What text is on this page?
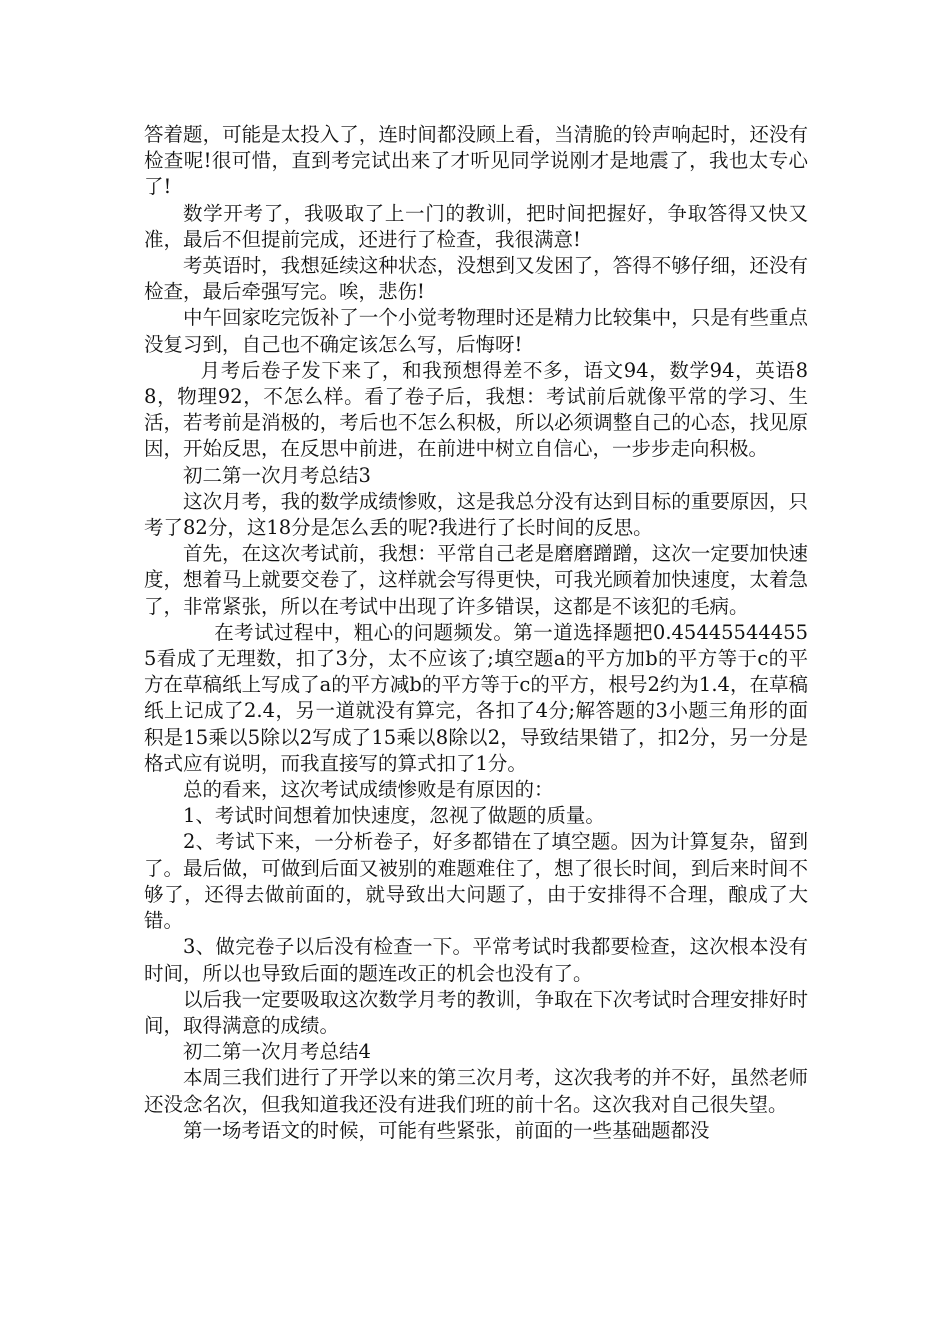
答着题，可能是太投入了，连时间都没顾上看，当清脆的铃声响起时，还没有检查呢!很可惜，直到考完试出来了才听见同学说刚才是地震了，我也太专心了!

数学开考了，我吸取了上一门的教训，把时间把握好，争取答得又快又准，最后不但提前完成，还进行了检查，我很满意!

考英语时，我想延续这种状态，没想到又发困了，答得不够仔细，还没有检查，最后牵强写完。唉，悲伤!

中午回家吃完饭补了一个小觉考物理时还是精力比较集中，只是有些重点没复习到，自己也不确定该怎么写，后悔呀!

月考后卷子发下来了，和我预想得差不多，语文94，数学94，英语88，物理92，不怎么样。看了卷子后，我想：考试前后就像平常的学习、生活，若考前是消极的，考后也不怎么积极，所以必须调整自己的心态，找见原因，开始反思，在反思中前进，在前进中树立自信心，一步步走向积极。

初二第一次月考总结3

这次月考，我的数学成绩惨败，这是我总分没有达到目标的重要原因，只考了82分，这18分是怎么丢的呢?我进行了长时间的反思。

首先，在这次考试前，我想：平常自己老是磨磨蹭蹭，这次一定要加快速度，想着马上就要交卷了，这样就会写得更快，可我光顾着加快速度，太着急了，非常紧张，所以在考试中出现了许多错误，这都是不该犯的毛病。

在考试过程中，粗心的问题频发。第一道选择题把0.454455444555看成了无理数，扣了3分，太不应该了;填空题a的平方加b的平方等于c的平方在草稿纸上写成了a的平方减b的平方等于c的平方，根号2约为1.4，在草稿纸上记成了2.4，另一道就没有算完，各扣了4分;解答题的3小题三角形的面积是15乘以5除以2写成了15乘以8除以2，导致结果错了，扣2分，另一分是格式应有说明，而我直接写的算式扣了1分。

总的看来，这次考试成绩惨败是有原因的：

1、考试时间想着加快速度，忽视了做题的质量。

2、考试下来，一分析卷子，好多都错在了填空题。因为计算复杂，留到了。最后做，可做到后面又被别的难题难住了，想了很长时间，到后来时间不够了，还得去做前面的，就导致出大问题了，由于安排得不合理，酿成了大错。

3、做完卷子以后没有检查一下。平常考试时我都要检查，这次根本没有时间，所以也导致后面的题连改正的机会也没有了。

以后我一定要吸取这次数学月考的教训，争取在下次考试时合理安排好时间，取得满意的成绩。

初二第一次月考总结4

本周三我们进行了开学以来的第三次月考，这次我考的并不好，虽然老师还没念名次，但我知道我还没有进我们班的前十名。这次我对自己很失望。

第一场考语文的时候，可能有些紧张，前面的一些基础题都没
